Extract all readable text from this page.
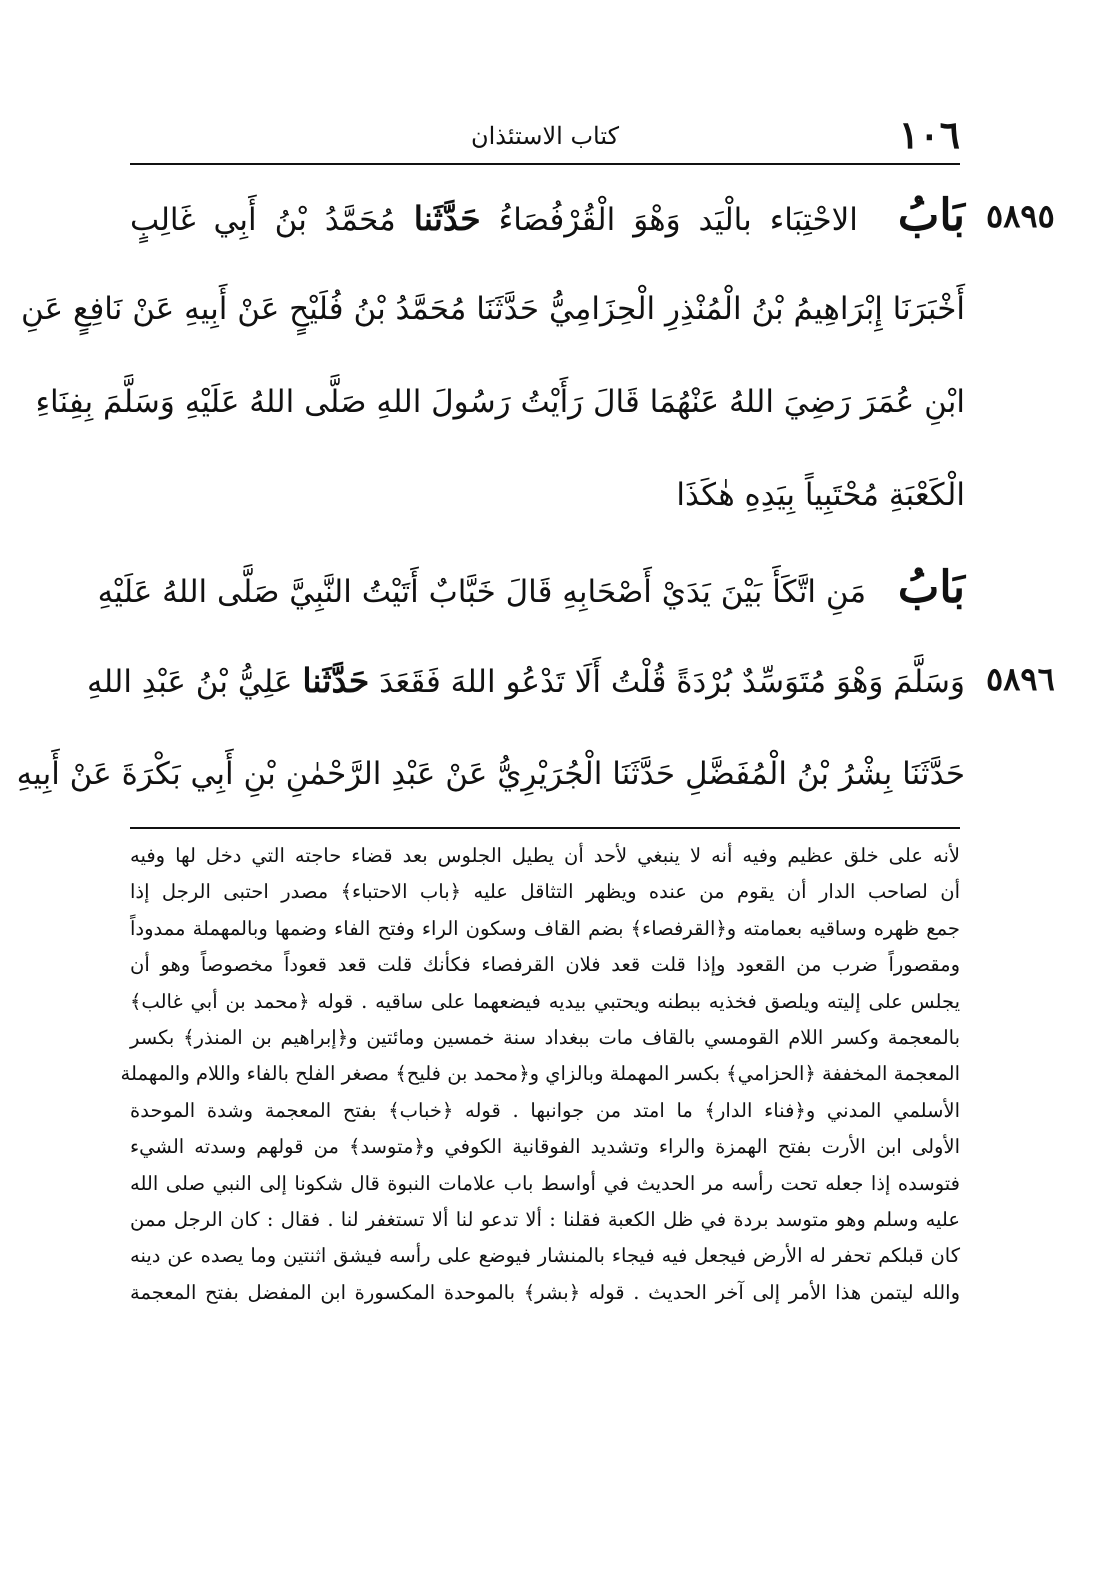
١٠٦
كتاب الاستئذان
٥٨٩٥
٥٨٩٦
بَابُ الاحْتِبَاء بالْيَد وَهْوَ الْقُرْفُصَاءُ حَدَّثَنا مُحَمَّدُ بْنُ أَبِي غَالِبٍ
أَخْبَرَنَا إِبْرَاهِيمُ بْنُ الْمُنْذِرِ الْحِزَامِيُّ حَدَّثَنَا مُحَمَّدُ بْنُ فُلَيْحٍ عَنْ أَبِيهِ عَنْ نَافِعٍ عَنِ
ابْنِ عُمَرَ رَضِيَ اللهُ عَنْهُمَا قَالَ رَأَيْتُ رَسُولَ اللهِ صَلَّى اللهُ عَلَيْهِ وَسَلَّمَ بِفِنَاءِ
الْكَعْبَةِ مُحْتَبِياً بِيَدِهِ هٰكَذَا
بَابُ مَنِ اتَّكَأَ بَيْنَ يَدَيْ أَصْحَابِهِ قَالَ خَبَّابٌ أَتَيْتُ النَّبِيَّ صَلَّى اللهُ عَلَيْهِ
وَسَلَّمَ وَهْوَ مُتَوَسِّدٌ بُرْدَةً قُلْتُ أَلَا تَدْعُو اللهَ فَقَعَدَ حَدَّثَنا عَلِيُّ بْنُ عَبْدِ اللهِ
حَدَّثَنَا بِشْرُ بْنُ الْمُفَضَّلِ حَدَّثَنَا الْجُرَيْرِيُّ عَنْ عَبْدِ الرَّحْمٰنِ بْنِ أَبِي بَكْرَةَ عَنْ أَبِيهِ
لأنه على خلق عظيم وفيه أنه لا ينبغي لأحد أن يطيل الجلوس بعد قضاء حاجته التي دخل لها وفيه
أن لصاحب الدار أن يقوم من عنده ويظهر التثاقل عليه ﴿باب الاحتباء﴾ مصدر احتبى الرجل إذا
جمع ظهره وساقيه بعمامته و﴿القرفصاء﴾ بضم القاف وسكون الراء وفتح الفاء وضمها وبالمهملة ممدوداً
ومقصوراً ضرب من القعود وإذا قلت قعد فلان القرفصاء فكأنك قلت قعد قعوداً مخصوصاً وهو أن
يجلس على إليته ويلصق فخذيه ببطنه ويحتبي بيديه فيضعهما على ساقيه . قوله ﴿محمد بن أبي غالب﴾
بالمعجمة وكسر اللام القومسي بالقاف مات ببغداد سنة خمسين ومائتين و﴿إبراهيم بن المنذر﴾ بكسر
المعجمة المخففة ﴿الحزامي﴾ بكسر المهملة وبالزاي و﴿محمد بن فليح﴾ مصغر الفلح بالفاء واللام والمهملة
الأسلمي المدني و﴿فناء الدار﴾ ما امتد من جوانبها . قوله ﴿خباب﴾ بفتح المعجمة وشدة الموحدة
الأولى ابن الأرت بفتح الهمزة والراء وتشديد الفوقانية الكوفي و﴿متوسد﴾ من قولهم وسدته الشيء
فتوسده إذا جعله تحت رأسه مر الحديث في أواسط باب علامات النبوة قال شكونا إلى النبي صلى الله
عليه وسلم وهو متوسد بردة في ظل الكعبة فقلنا : ألا تدعو لنا ألا تستغفر لنا . فقال : كان الرجل ممن
كان قبلكم تحفر له الأرض فيجعل فيه فيجاء بالمنشار فيوضع على رأسه فيشق اثنتين وما يصده عن دينه
والله ليتمن هذا الأمر إلى آخر الحديث . قوله ﴿بشر﴾ بالموحدة المكسورة ابن المفضل بفتح المعجمة
